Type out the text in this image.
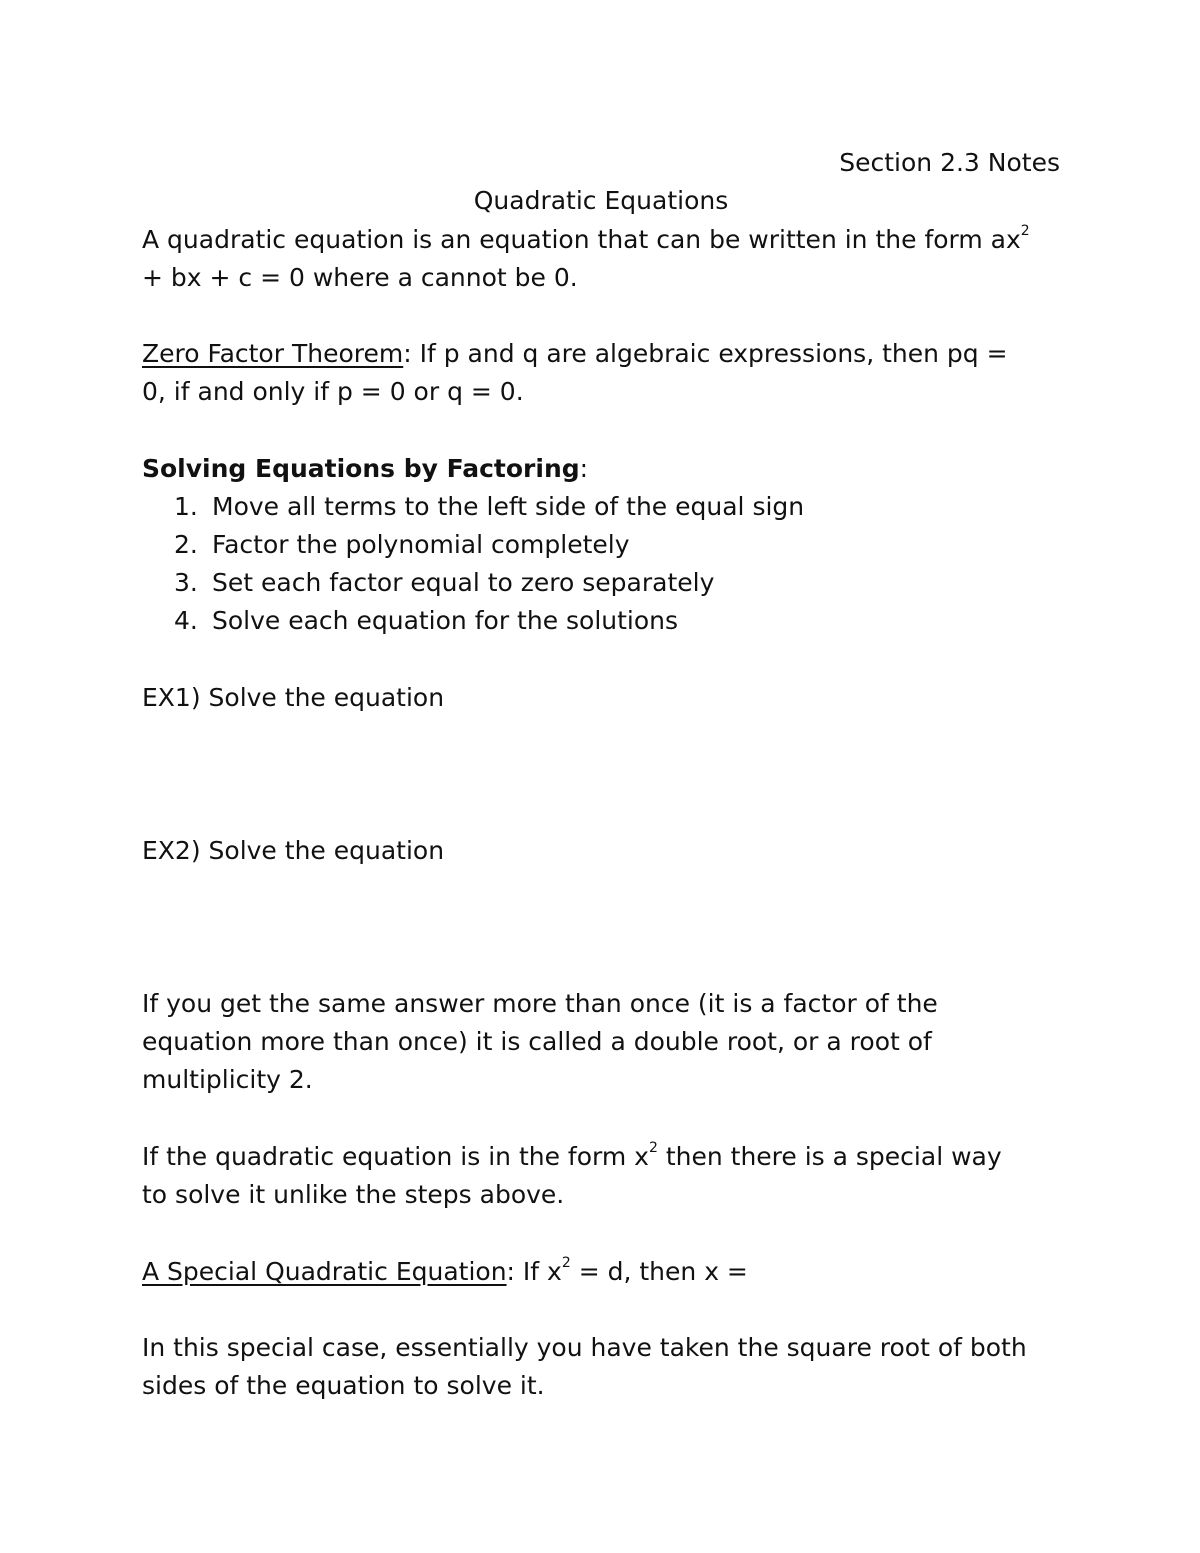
Section 2.3 Notes

Quadratic Equations

A quadratic equation is an equation that can be written in the form $ax^2$
+ bx + c = 0 where a cannot be 0.

Zero Factor Theorem: If p and q are algebraic expressions, then pq =
0, if and only if p = 0 or q = 0.

Solving Equations by Factoring:

1. Move all terms to the left side of the equal sign
2. Factor the polynomial completely
3. Set each factor equal to zero separately
4. Solve each equation for the solutions

EX1) Solve the equation

EX2) Solve the equation

If you get the same answer more than once (it is a factor of the
equation more than once) it is called a double root, or a root of
multiplicity 2.

If the quadratic equation is in the form $x^2$ then there is a special way
to solve it unlike the steps above.

A Special Quadratic Equation: If $x^2 = d$, then x =

In this special case, essentially you have taken the square root of both
sides of the equation to solve it.
